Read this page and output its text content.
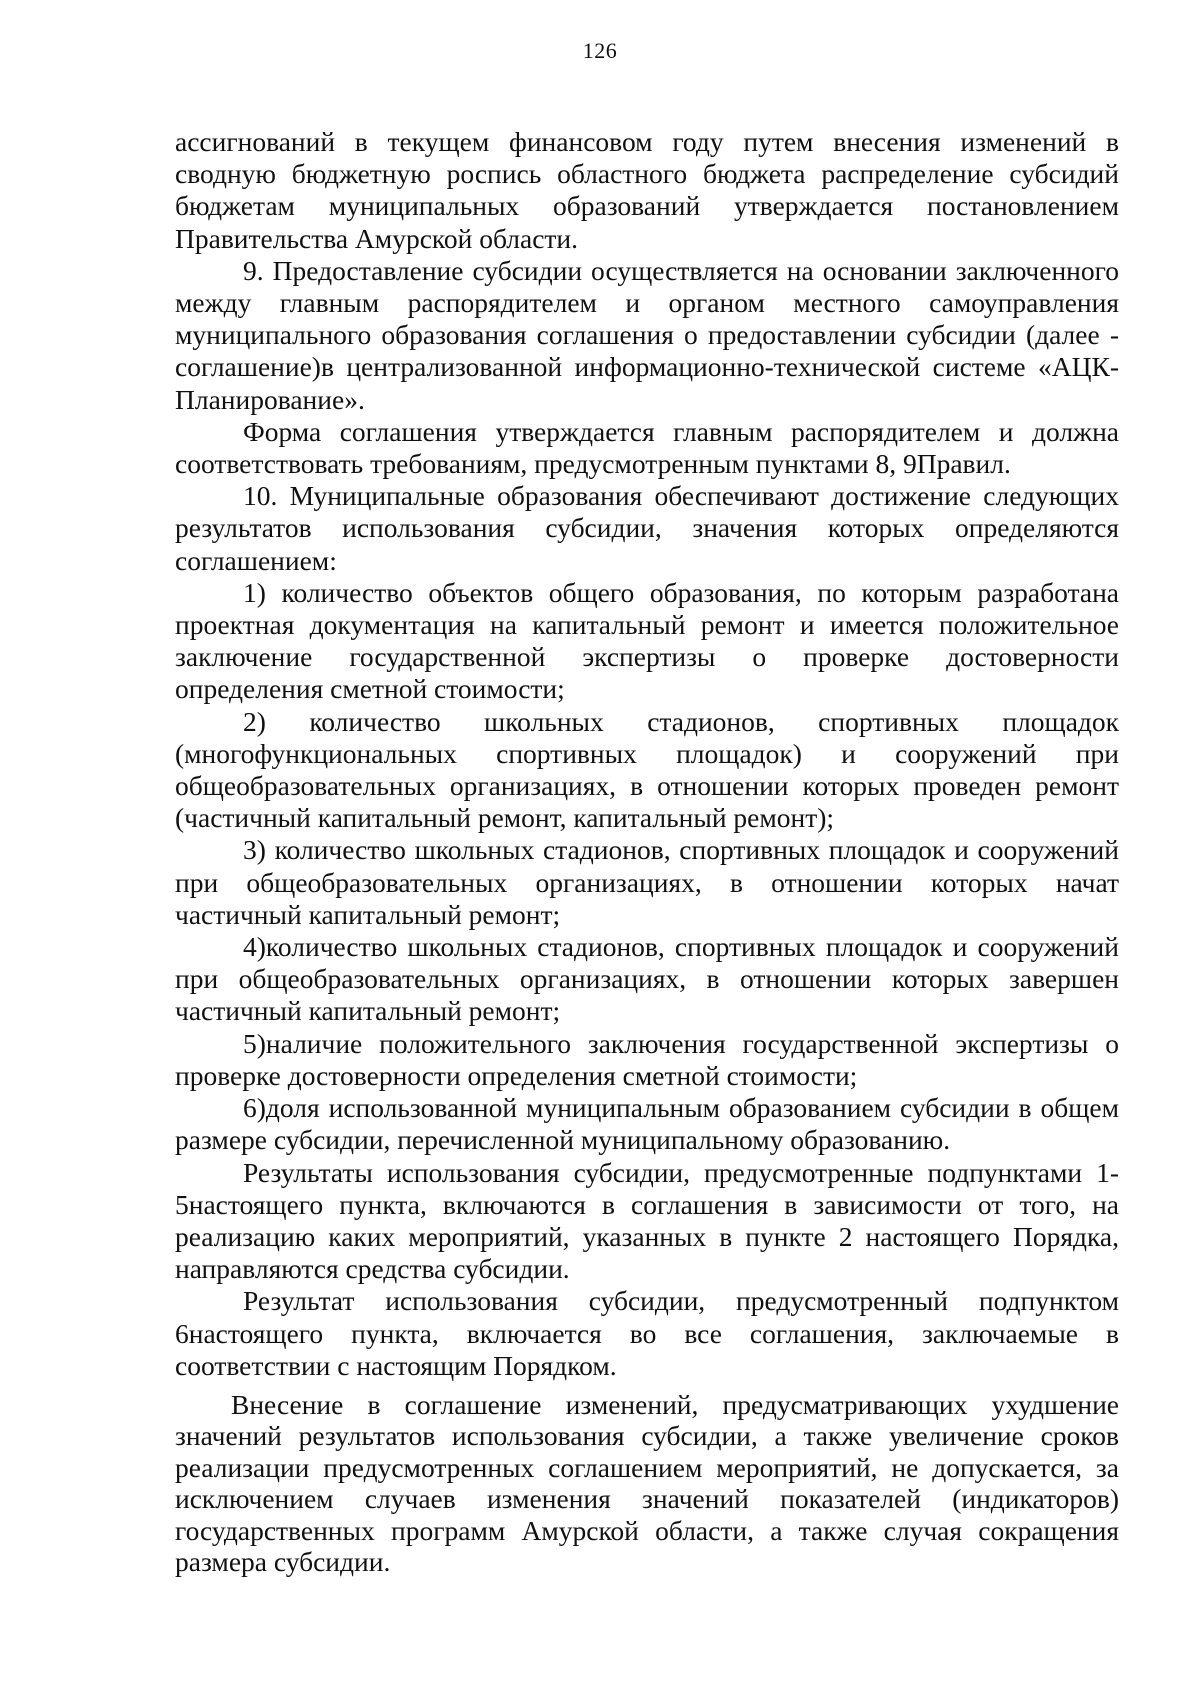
126

ассигнований в текущем финансовом году путем внесения изменений в сводную бюджетную роспись областного бюджета распределение субсидий бюджетам муниципальных образований утверждается постановлением Правительства Амурской области.

9. Предоставление субсидии осуществляется на основании заключенного между главным распорядителем и органом местного самоуправления муниципального образования соглашения о предоставлении субсидии (далее - соглашение)в централизованной информационно-технической системе «АЦК-Планирование».

Форма соглашения утверждается главным распорядителем и должна соответствовать требованиям, предусмотренным пунктами 8, 9Правил.

10. Муниципальные образования обеспечивают достижение следующих результатов использования субсидии, значения которых определяются соглашением:

1) количество объектов общего образования, по которым разработана проектная документация на капитальный ремонт и имеется положительное заключение государственной экспертизы о проверке достоверности определения сметной стоимости;

2) количество школьных стадионов, спортивных площадок (многофункциональных спортивных площадок) и сооружений при общеобразовательных организациях, в отношении которых проведен ремонт (частичный капитальный ремонт, капитальный ремонт);

3) количество школьных стадионов, спортивных площадок и сооружений при общеобразовательных организациях, в отношении которых начат частичный капитальный ремонт;

4)количество школьных стадионов, спортивных площадок и сооружений при общеобразовательных организациях, в отношении которых завершен частичный капитальный ремонт;

5)наличие положительного заключения государственной экспертизы о проверке достоверности определения сметной стоимости;

6)доля использованной муниципальным образованием субсидии в общем размере субсидии, перечисленной муниципальному образованию.

Результаты использования субсидии, предусмотренные подпунктами 1- 5настоящего пункта, включаются в соглашения в зависимости от того, на реализацию каких мероприятий, указанных в пункте 2 настоящего Порядка, направляются средства субсидии.

Результат использования субсидии, предусмотренный подпунктом 6настоящего пункта, включается во все соглашения, заключаемые в соответствии с настоящим Порядком.

Внесение в соглашение изменений, предусматривающих ухудшение значений результатов использования субсидии, а также увеличение сроков реализации предусмотренных соглашением мероприятий, не допускается, за исключением случаев изменения значений показателей (индикаторов) государственных программ Амурской области, а также случая сокращения размера субсидии.
